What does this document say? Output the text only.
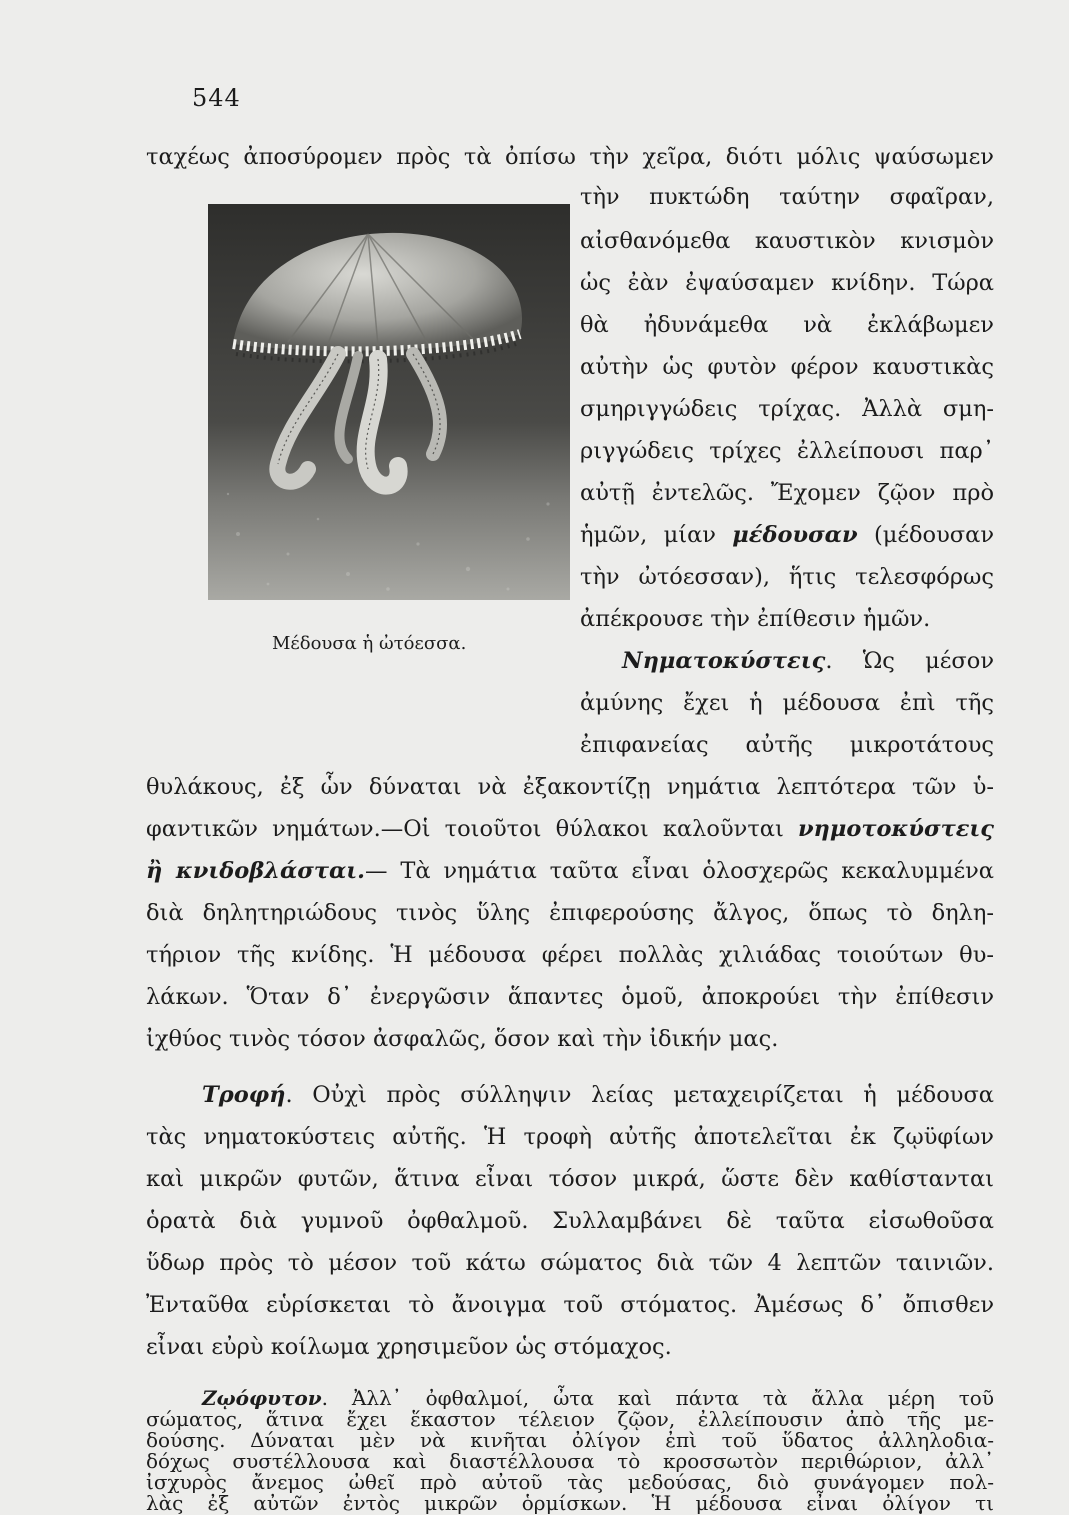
544
Μέδουσα ἡ ὠτόεσσα.
ταχέως ἀποσύρομεν πρὸς τὰ ὀπίσω τὴν χεῖρα, διότι μόλις ψαύσωμεν
τὴν πυκτώδη ταύτην σφαῖραν,
αἰσθανόμεθα καυστικὸν κνισμὸν
ὡς ἐὰν ἐψαύσαμεν κνίδην. Τώρα
θὰ ἠδυνάμεθα νὰ ἐκλάβωμεν
αὐτὴν ὡς φυτὸν φέρον καυστικὰς
σμηριγγώδεις τρίχας. Ἀλλὰ σμη-
ριγγώδεις τρίχες ἐλλείπουσι παρ᾽
αὐτῇ ἐντελῶς. Ἔχομεν ζῷον πρὸ
ἡμῶν, μίαν μέδουσαν (μέδουσαν
τὴν ὠτόεσσαν), ἥτις τελεσφόρως
ἀπέκρουσε τὴν ἐπίθεσιν ἡμῶν.
Νηματοκύστεις. Ὡς μέσον
ἀμύνης ἔχει ἡ μέδουσα ἐπὶ τῆς
ἐπιφανείας αὐτῆς μικροτάτους
θυλάκους, ἐξ ὧν δύναται νὰ ἐξακοντίζῃ νημάτια λεπτότερα τῶν ὑ-
φαντικῶν νημάτων.—Οἱ τοιοῦτοι θύλακοι καλοῦνται νημοτοκύστεις
ἢ κνιδοβλάσται.— Τὰ νημάτια ταῦτα εἶναι ὁλοσχερῶς κεκαλυμμένα
διὰ δηλητηριώδους τινὸς ὕλης ἐπιφερούσης ἄλγος, ὅπως τὸ δηλη-
τήριον τῆς κνίδης. Ἡ μέδουσα φέρει πολλὰς χιλιάδας τοιούτων θυ-
λάκων. Ὅταν δ᾽ ἐνεργῶσιν ἅπαντες ὁμοῦ, ἀποκρούει τὴν ἐπίθεσιν
ἰχθύος τινὸς τόσον ἀσφαλῶς, ὅσον καὶ τὴν ἰδικήν μας.
Τροφή. Οὐχὶ πρὸς σύλληψιν λείας μεταχειρίζεται ἡ μέδουσα
τὰς νηματοκύστεις αὐτῆς. Ἡ τροφὴ αὐτῆς ἀποτελεῖται ἐκ ζῳϋφίων
καὶ μικρῶν φυτῶν, ἅτινα εἶναι τόσον μικρά, ὥστε δὲν καθίστανται
ὁρατὰ διὰ γυμνοῦ ὀφθαλμοῦ. Συλλαμβάνει δὲ ταῦτα εἰσωθοῦσα
ὕδωρ πρὸς τὸ μέσον τοῦ κάτω σώματος διὰ τῶν 4 λεπτῶν ταινιῶν.
Ἐνταῦθα εὑρίσκεται τὸ ἄνοιγμα τοῦ στόματος. Ἀμέσως δ᾽ ὄπισθεν
εἶναι εὐρὺ κοίλωμα χρησιμεῦον ὡς στόμαχος.
Ζῳόφυτον. Ἀλλ᾽ ὀφθαλμοί, ὦτα καὶ πάντα τὰ ἄλλα μέρη τοῦ
σώματος, ἅτινα ἔχει ἕκαστον τέλειον ζῷον, ἐλλείπουσιν ἀπὸ τῆς με-
δούσης. Δύναται μὲν νὰ κινῆται ὀλίγον ἐπὶ τοῦ ὕδατος ἀλληλοδια-
δόχως συστέλλουσα καὶ διαστέλλουσα τὸ κροσσωτὸν περιθώριον, ἀλλ᾽
ἰσχυρὸς ἄνεμος ὠθεῖ πρὸ αὐτοῦ τὰς μεδούσας, διὸ συνάγομεν πολ-
λὰς ἐξ αὐτῶν ἐντὸς μικρῶν ὁρμίσκων. Ἡ μέδουσα εἶναι ὀλίγον τι
